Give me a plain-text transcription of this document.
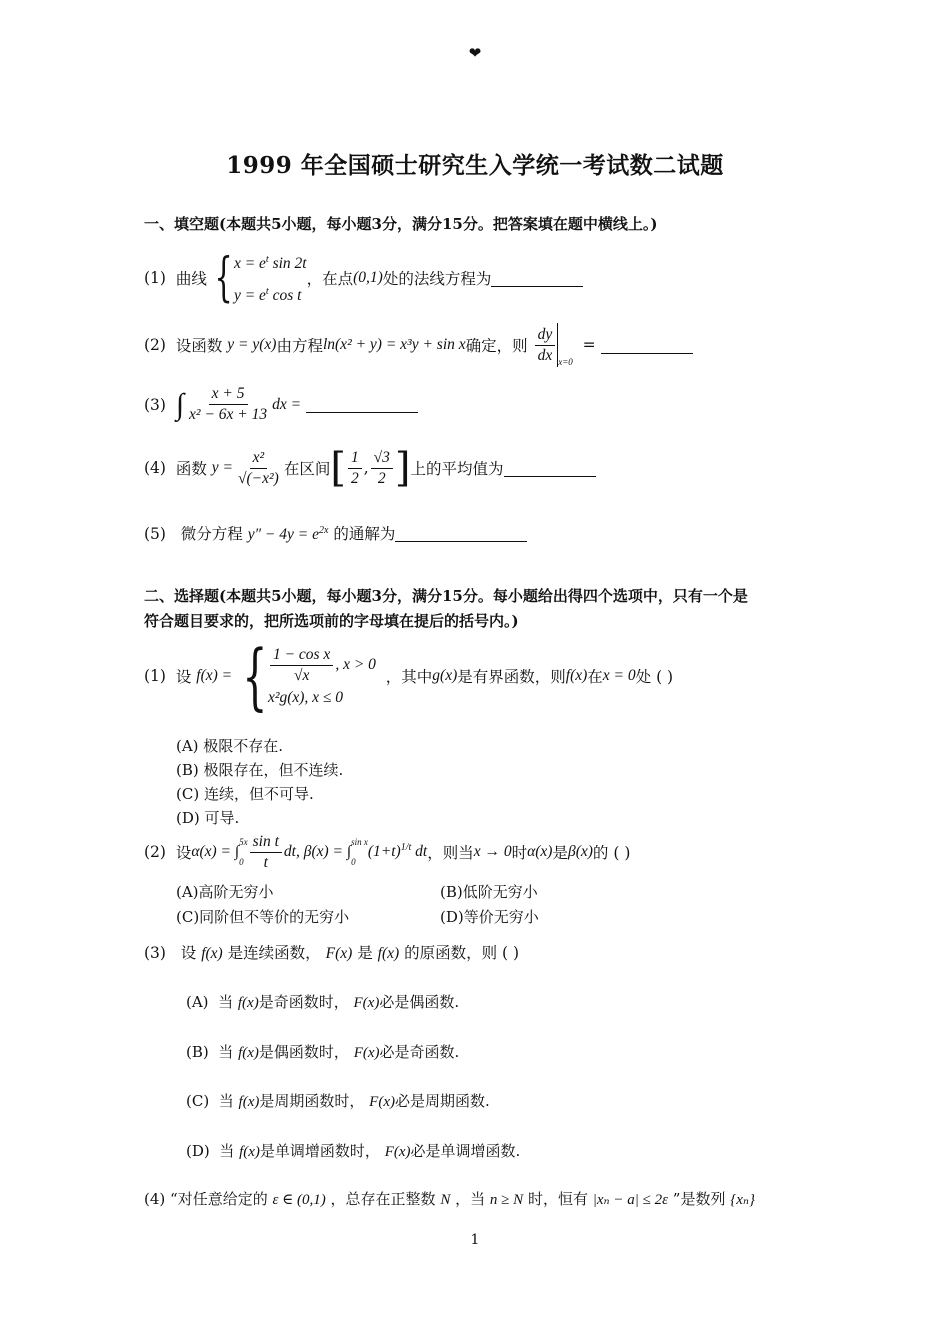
❤
1999 年全国硕士研究生入学统一考试数二试题
一、填空题(本题共5小题，每小题3分，满分15分。把答案填在题中横线上。)
(1)
曲线 { $x = e^t$ sin 2t
$y = e^t$ cos t
，在点 (0,1) 处的法线方程为
(2)
设函数
y = y(x) 由方程 ln(x² + y) = x³y + sin x 确定，则
$\frac{dy}{dx} x=0$

=

(3)
∫ $\frac{x + 5}{\text{x² − 6x + 13}}$ dx =

(4)
函数
$y = \frac{\text{x²}}{\text{√(−x²)}}$ 在区间 [ $\frac{1}{2}$ , $\frac{√3}{2}$ ] 上的平均值为
(5) 微分方程 $y'' - 4y = e^{2x}$ 的通解为
二、选择题(本题共5小题，每小题3分，满分15分。每小题给出得四个选项中，只有一个是
符合题目要求的，把所选项前的字母填在提后的括号内。)
(1)
设
f(x) = { $\frac{\text{1 − cos x}}{√x}$ , x > 0
x²g(x), x ≤ 0

，其中 g(x) 是有界函数，则 f(x) 在 x = 0 处 ( )
(A) 极限不存在.
(B) 极限存在，但不连续.
(C) 连续，但不可导.
(D) 可导.
(2)
设 α(x) = ∫
5x
$0 \frac{\text{sin t}}{t}$ dt, β(x) = ∫
sin x
0
$(1+t)^{1/t}$ dt ，则当 x → 0 时 α(x) 是 β(x) 的 ( )
(A)高阶无穷小	(B)低阶无穷小
(C)同阶但不等价的无穷小	(D)等价无穷小
(3) 设 f(x) 是连续函数， F(x) 是 f(x) 的原函数，则 ( )
(A) 当 f(x)是奇函数时， F(x)必是偶函数.
(B) 当 f(x)是偶函数时， F(x)必是奇函数.
(C) 当 f(x)是周期函数时， F(x)必是周期函数.
(D) 当 f(x)是单调增函数时， F(x)必是单调增函数.
(4) “对任意给定的 ε ∈ (0,1) ，总存在正整数 N ，当 n ≥ N 时，恒有 |xₙ − a| ≤ 2ε ”是数列 {xₙ}
1
